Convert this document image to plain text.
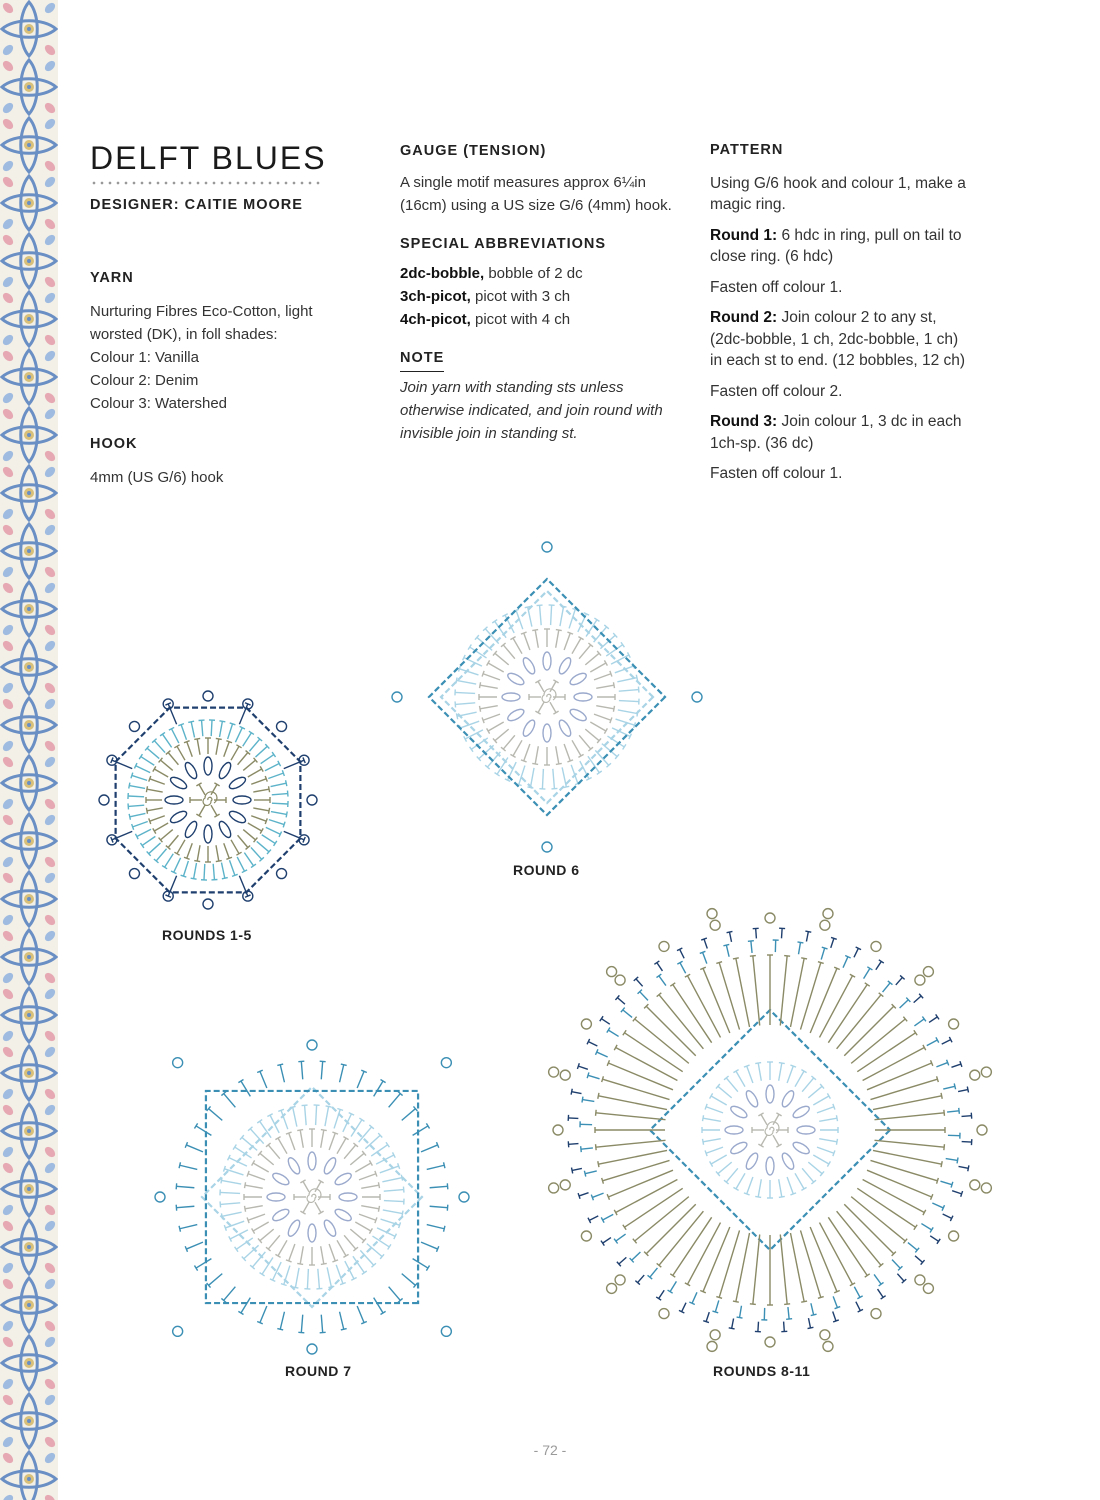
DELFT BLUES
DESIGNER: CAITIE MOORE
YARN

Nurturing Fibres Eco-Cotton, light

worsted (DK), in foll shades:

Colour 1: Vanilla

Colour 2: Denim

Colour 3: Watershed

HOOK

4mm (US G/6) hook

GAUGE (TENSION)

A single motif measures approx 6¼in

(16cm) using a US size G/6 (4mm) hook.

SPECIAL ABBREVIATIONS

2dc-bobble, bobble of 2 dc

3ch-picot, picot with 3 ch

4ch-picot, picot with 4 ch

NOTE

Join yarn with standing sts unless

otherwise indicated, and join round with

invisible join in standing st.

PATTERN
Using G/6 hook and colour 1, make a
magic ring.
Round 1: 6 hdc in ring, pull on tail to
close ring. (6 hdc)
Fasten off colour 1.
Round 2: Join colour 2 to any st,
(2dc-bobble, 1 ch, 2dc-bobble, 1 ch)
in each st to end. (12 bobbles, 12 ch)
Fasten off colour 2.
Round 3: Join colour 1, 3 dc in each
1ch-sp. (36 dc)
Fasten off colour 1.
ROUNDS 1-5
ROUND 6
ROUND 7	ROUNDS 8-11
- 72 -
